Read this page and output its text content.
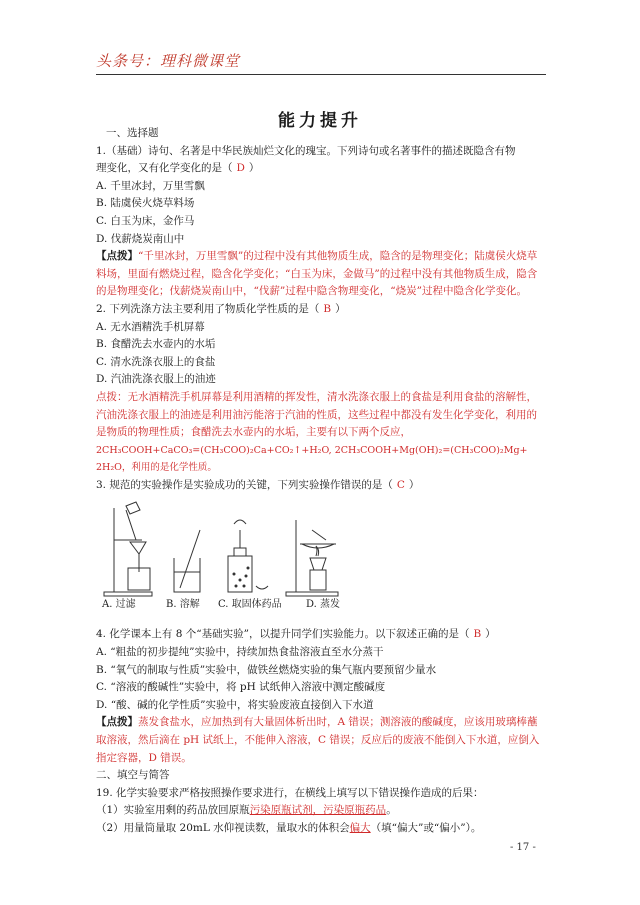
头条号：理科微课堂
能力提升
一、选择题
1.（基础）诗句、名著是中华民族灿烂文化的瑰宝。下列诗句或名著事件的描述既隐含有物
理变化，又有化学变化的是（ D ）
A. 千里冰封，万里雪飘
B. 陆虞侯火烧草料场
C. 白玉为床，金作马
D. 伐薪烧炭南山中
【点拨】“千里冰封，万里雪飘”的过程中没有其他物质生成，隐含的是物理变化；陆虞侯火烧草料场，里面有燃烧过程，隐含化学变化；“白玉为床，金做马”的过程中没有其他物质生成，隐含的是物理变化；伐薪烧炭南山中，“伐薪”过程中隐含物理变化，“烧炭”过程中隐含化学变化。
2. 下列洗涤方法主要利用了物质化学性质的是（ B ）
A. 无水酒精洗手机屏幕
B. 食醋洗去水壶内的水垢
C. 清水洗涤衣服上的食盐
D. 汽油洗涤衣服上的油迹
点拨：无水酒精洗手机屏幕是利用酒精的挥发性，清水洗涤衣服上的食盐是利用食盐的溶解性，汽油洗涤衣服上的油迹是利用油污能溶于汽油的性质，这些过程中都没有发生化学变化，利用的是物质的物理性质；食醋洗去水壶内的水垢，主要有以下两个反应，
2CH₃COOH+CaCO₃=(CH₃COO)₂Ca+CO₂↑+H₂O, 2CH₃COOH+Mg(OH)₂=(CH₃COO)₂Mg+ 2H₂O，利用的是化学性质。
3. 规范的实验操作是实验成功的关键，下列实验操作错误的是（ C ）
A. 过滤	B. 溶解 C. 取固体药品 D. 蒸发
4. 化学课本上有 8 个“基础实验”，以提升同学们实验能力。以下叙述正确的是（ B ）
A. “粗盐的初步提纯”实验中，持续加热食盐溶液直至水分蒸干
B. “氧气的制取与性质”实验中，做铁丝燃烧实验的集气瓶内要预留少量水
C. “溶液的酸碱性”实验中，将 pH 试纸伸入溶液中测定酸碱度
D. “酸、碱的化学性质”实验中，将实验废液直接倒入下水道
【点拨】蒸发食盐水，应加热到有大量固体析出时，A 错误；测溶液的酸碱度，应该用玻璃棒蘸取溶液，然后滴在 pH 试纸上，不能伸入溶液，C 错误；反应后的废液不能倒入下水道，应倒入指定容器，D 错误。
二、填空与简答
19. 化学实验要求严格按照操作要求进行，在横线上填写以下错误操作造成的后果：
（1）实验室用剩的药品放回原瓶污染原瓶试剂，污染原瓶药品。
（2）用量筒量取 20mL 水仰视读数，量取水的体积会偏大（填“偏大”或“偏小”）。
- 17 -
